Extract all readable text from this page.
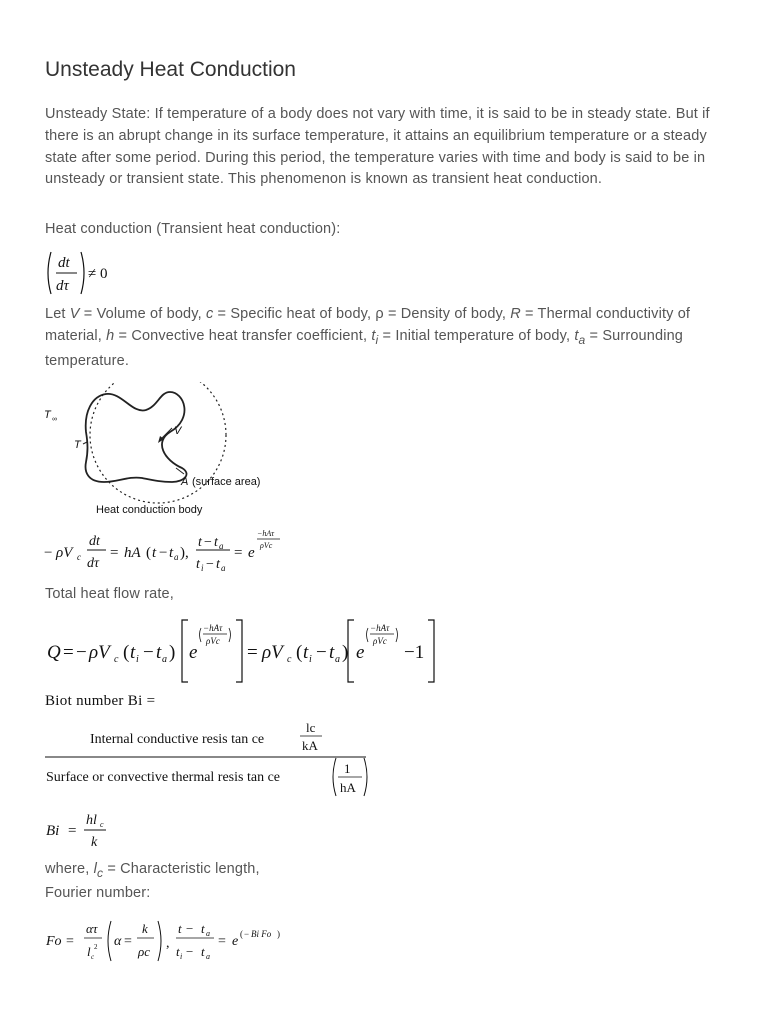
Unsteady Heat Conduction

Unsteady State: If temperature of a body does not vary with time, it is said to be in steady state. But if there is an abrupt change in its surface temperature, it attains an equilibrium temperature or a steady state after some period. During this period, the temperature varies with time and body is said to be in unsteady or transient state. This phenomenon is known as transient heat conduction.

Heat conduction (Transient heat conduction):

dt
dτ
≠ 0

Let V = Volume of body, c = Specific heat of body, ρ = Density of body, R = Thermal conductivity of material, h = Convective heat transfer coefficient, $t_i$ = Initial temperature of body, $t_a$ = Surrounding temperature.

T ∞
T
V
A (surface area)
Heat conduction body
− ρV c
dt
dτ
= hA ( t − t a ),
t − t a
t i − t a
= e
−hAτ
ρVc

Total heat flow rate,

Q = − ρV c ( t i − t a ) e
−hAτ
ρVc
= ρV c ( t i − t a ) e
−hAτ
ρVc
−1
Biot number Bi =
Internal conductive resis tan ce
lc
kA
Surface or convective thermal resis tan ce
1
hA
Bi =
hl c
k

where, $l_c$ = Characteristic length,

Fourier number:

Fo =
ατ
l c
2 α =
k
ρc
,
t − t a
t i − t a
= e ( − Bi Fo )
